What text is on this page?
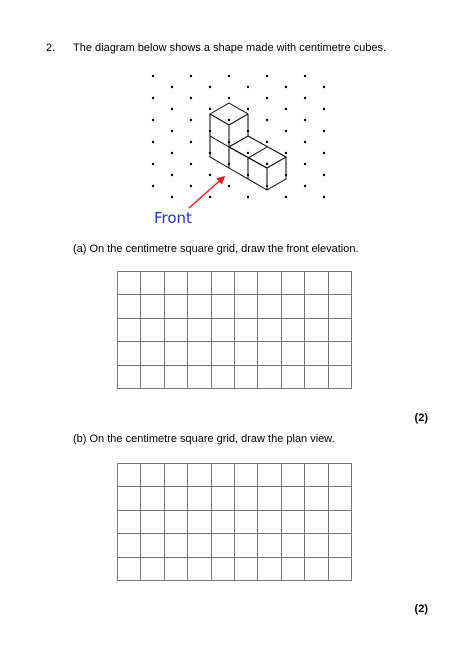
2. The diagram below shows a shape made with centimetre cubes.
Front
(a) On the centimetre square grid, draw the front elevation.
(2)
(b) On the centimetre square grid, draw the plan view.
(2)
